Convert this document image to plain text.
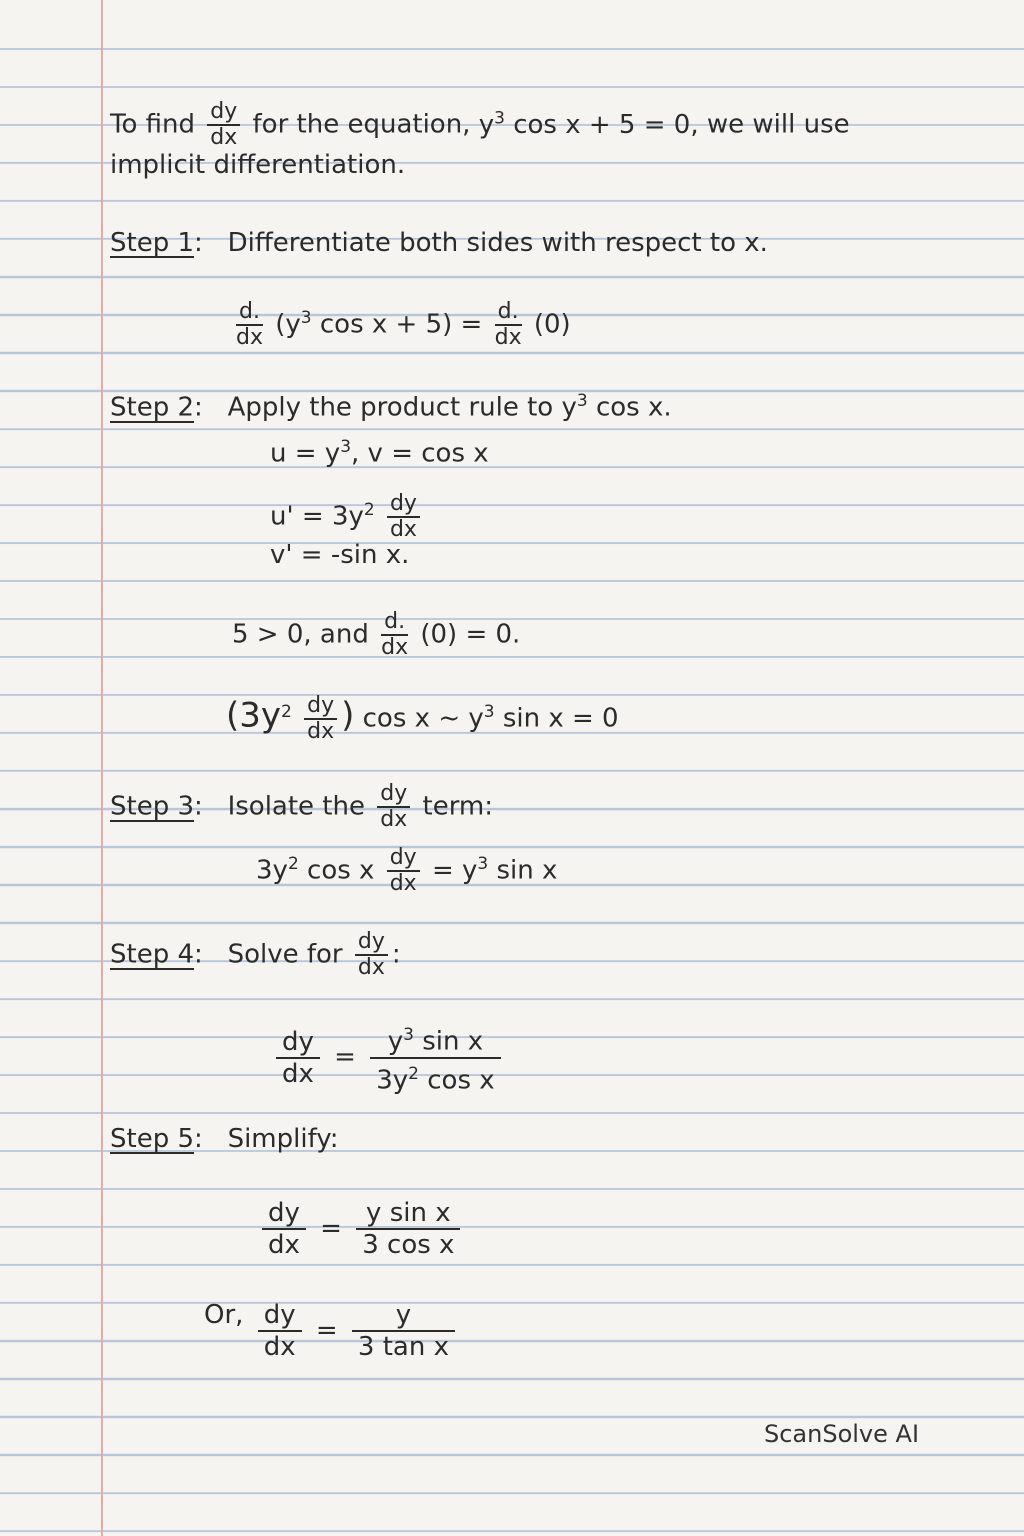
To find $\frac{dy}{dx}$ for the equation, $y^3$ cos x + 5 = 0, we will use
implicit differentiation.
Step 1:   Differentiate both sides with respect to x.
$\frac{d.}{dx} (y^3$ $\cos x + 5) = \frac{d.}{dx} (0)$
Step 2:   Apply the product rule to $y^3$ cos x.
$u = y^3$, v = cos x
$u' = 3y^2 \frac{dy}{dx}$
v' = -sin x.
5 > 0, and $\frac{d.}{dx} (0) = 0$.
($3y^2 \frac{dy}{dx}$ ) cos x ~ $y^3$ sin x = 0
Step 3:   Isolate the $\frac{dy}{dx}$ term:
$3y^2$ cos x $\frac{dy}{dx} = y^3$ sin x
Step 4:   Solve for $\frac{dy}{dx}$ :
$\frac{dy}{dx} = \frac{y^3 \sin x}{3y^2 \cos x}$
Step 5:   Simplify:
$\frac{dy}{dx} = \frac{\text{y sin x}}{\text{3 cos x}}$
Or, $\frac{dy}{dx} = \frac{y}{\text{3 tan x}}$
ScanSolve AI
